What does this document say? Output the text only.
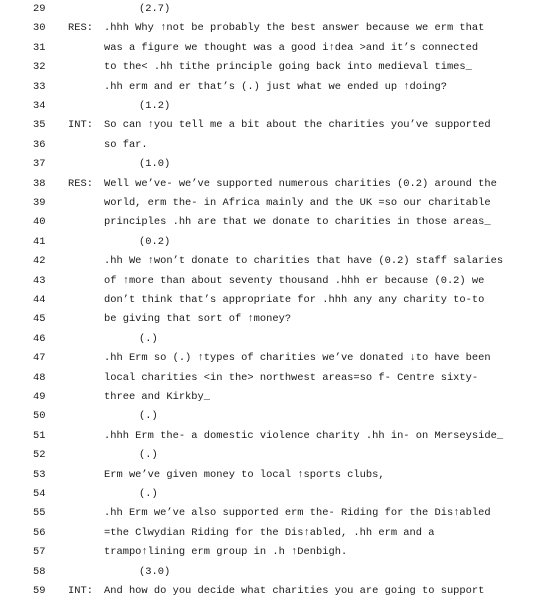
29	(2.7)
30	RES:	.hhh Why ↑not be probably the best answer because we erm that
31	was a figure we thought was a good i↑dea >and it’s connected
32	to the< .hh tithe principle going back into medieval times_
33	.hh erm and er that’s (.) just what we ended up ↑doing?
34	(1.2)
35	INT:	So can ↑you tell me a bit about the charities you’ve supported
36	so far.
37	(1.0)
38	RES:	Well we’ve- we’ve supported numerous charities (0.2) around the
39	world, erm the- in Africa mainly and the UK =so our charitable
40	principles .hh are that we donate to charities in those areas_
41	(0.2)
42	.hh We ↑won’t donate to charities that have (0.2) staff salaries
43	of ↑more than about seventy thousand .hhh er because (0.2) we
44	don’t think that’s appropriate for .hhh any any charity to-to
45	be giving that sort of ↑money?
46	(.)
47	.hh Erm so (.) ↑types of charities we’ve donated ↓to have been
48	local charities <in the> northwest areas=so f- Centre sixty-
49	three and Kirkby_
50	(.)
51	.hhh Erm the- a domestic violence charity .hh in- on Merseyside_
52	(.)
53	Erm we’ve given money to local ↑sports clubs,
54	(.)
55	.hh Erm we’ve also supported erm the- Riding for the Dis↑abled
56	=the Clwydian Riding for the Dis↑abled, .hh erm and a
57	trampo↑lining erm group in .h ↑Denbigh.
58	(3.0)
59	INT:	And how do you decide what charities you are going to support
